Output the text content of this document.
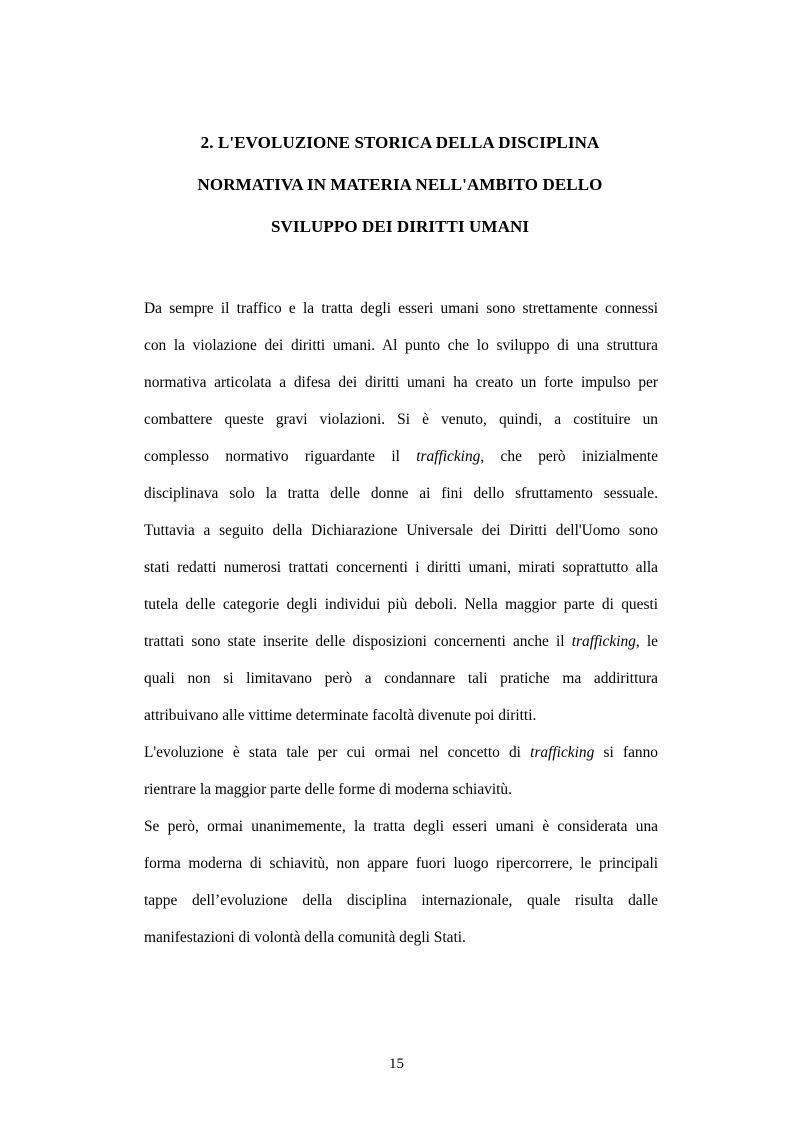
2. L'EVOLUZIONE STORICA DELLA DISCIPLINA
NORMATIVA IN MATERIA NELL'AMBITO DELLO
SVILUPPO DEI DIRITTI UMANI
Da sempre il traffico e la tratta degli esseri umani sono strettamente connessi
con la violazione dei diritti umani. Al punto che lo sviluppo di una struttura
normativa articolata a difesa dei diritti umani ha creato un forte impulso per
combattere queste gravi violazioni. Si è venuto, quindi, a costituire un
complesso normativo riguardante il trafficking, che però inizialmente
disciplinava solo la tratta delle donne ai fini dello sfruttamento sessuale.
Tuttavia a seguito della Dichiarazione Universale dei Diritti dell'Uomo sono
stati redatti numerosi trattati concernenti i diritti umani, mirati soprattutto alla
tutela delle categorie degli individui più deboli. Nella maggior parte di questi
trattati sono state inserite delle disposizioni concernenti anche il trafficking, le
quali non si limitavano però a condannare tali pratiche ma addirittura
attribuivano alle vittime determinate facoltà divenute poi diritti.
L'evoluzione è stata tale per cui ormai nel concetto di trafficking si fanno
rientrare la maggior parte delle forme di moderna schiavitù.
Se però, ormai unanimemente, la tratta degli esseri umani è considerata una
forma moderna di schiavitù, non appare fuori luogo ripercorrere, le principali
tappe dell’evoluzione della disciplina internazionale, quale risulta dalle
manifestazioni di volontà della comunità degli Stati.
15
